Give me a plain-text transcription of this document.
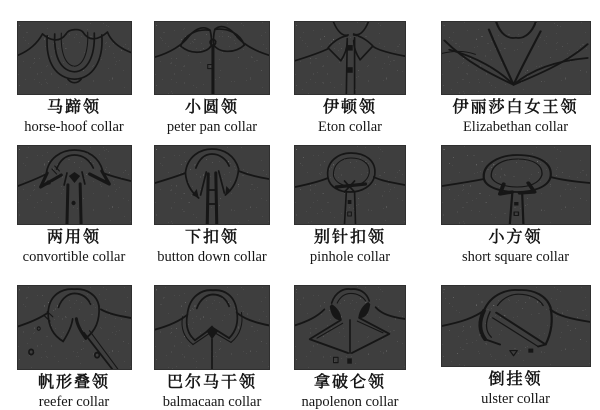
马蹄领
horse-hoof collar
小圆领
peter pan collar
伊顿领
Eton collar
伊丽莎白女王领
Elizabethan collar
两用领
convortible collar
下扣领
button down collar
别针扣领
pinhole collar
小方领
short square collar
帆形叠领
reefer collar
巴尔马干领
balmacaan collar
拿破仑领
napolenon collar
倒挂领
ulster collar
